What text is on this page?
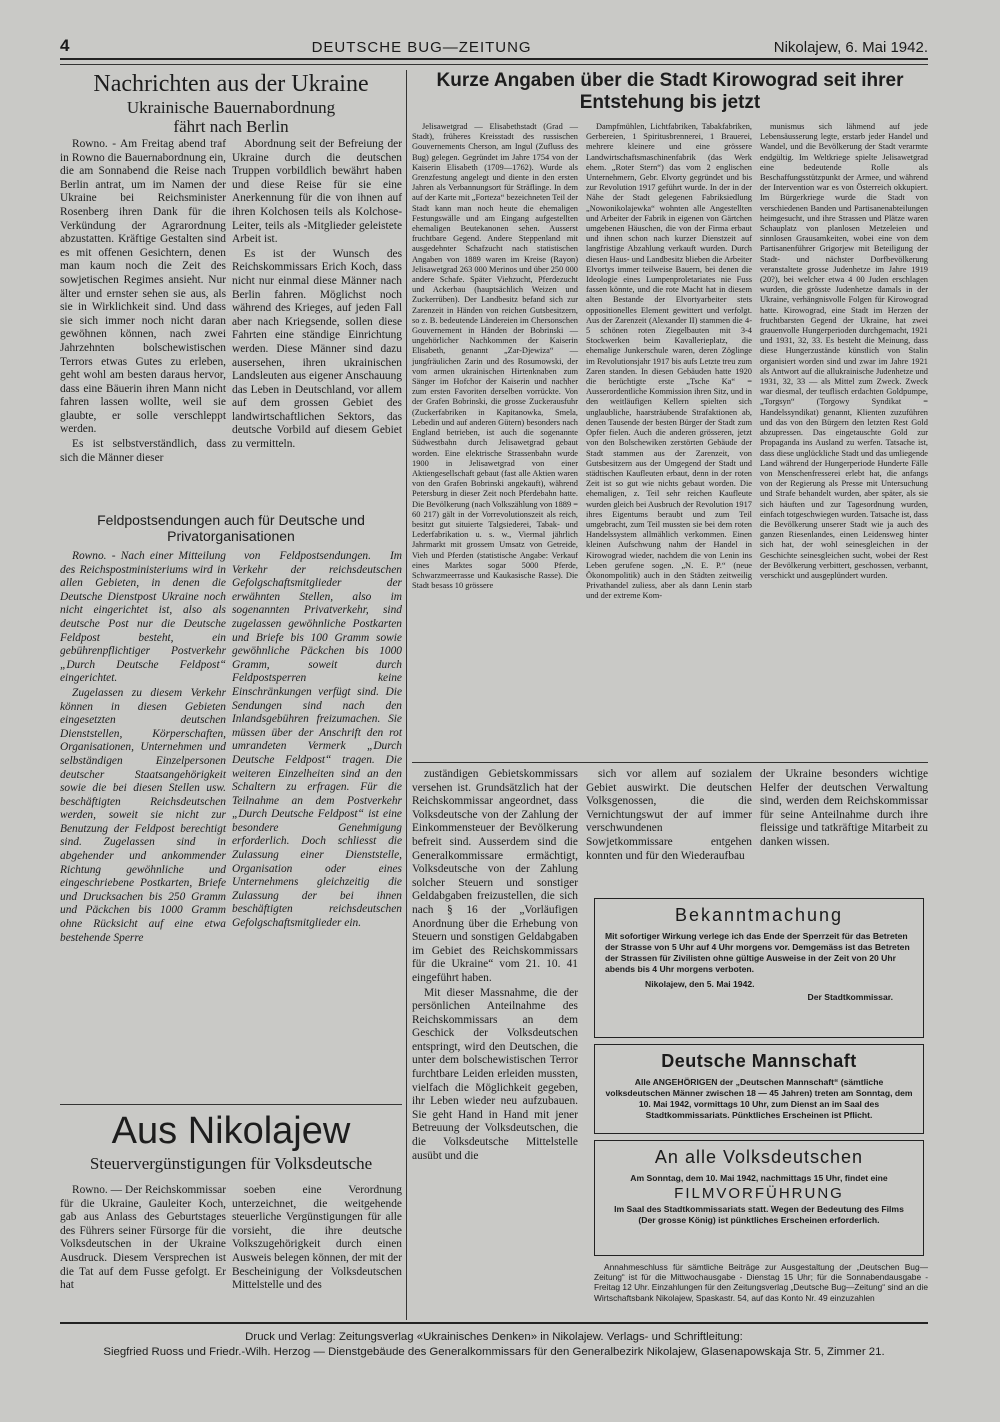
4	DEUTSCHE BUG—ZEITUNG	Nikolajew, 6. Mai 1942.
Nachrichten aus der Ukraine
Ukrainische Bauernabordnung fährt nach Berlin

Rowno. - Am Freitag abend traf in Rowno die Bauernabordnung ein, die am Sonnabend die Reise nach Berlin antrat, um im Namen der Ukraine bei Reichsminister Rosenberg ihren Dank für die Verkündung der Agrarordnung abzustatten. Kräftige Gestalten sind es mit offenen Gesichtern, denen man kaum noch die Zeit des sowjetischen Regimes ansieht. Nur älter und ernster sehen sie aus, als sie in Wirklichkeit sind. Und dass sie sich immer noch nicht daran gewöhnen können, nach zwei Jahrzehnten bolschewistischen Terrors etwas Gutes zu erleben, geht wohl am besten daraus hervor, dass eine Bäuerin ihren Mann nicht fahren lassen wollte, weil sie glaubte, er solle verschleppt werden.

Es ist selbstverständlich, dass sich die Männer dieser

Abordnung seit der Befreiung der Ukraine durch die deutschen Truppen vorbildlich bewährt haben und diese Reise für sie eine Anerkennung für die von ihnen auf ihren Kolchosen teils als Kolchose-Leiter, teils als -Mitglieder geleistete Arbeit ist.

Es ist der Wunsch des Reichskommissars Erich Koch, dass nicht nur einmal diese Männer nach Berlin fahren. Möglichst noch während des Krieges, auf jeden Fall aber nach Kriegsende, sollen diese Fahrten eine ständige Einrichtung werden. Diese Männer sind dazu ausersehen, ihren ukrainischen Landsleuten aus eigener Anschauung das Leben in Deutschland, vor allem auf dem grossen Gebiet des landwirtschaftlichen Sektors, das deutsche Vorbild auf diesem Gebiet zu vermitteln.

Feldpostsendungen auch für Deutsche und Privatorganisationen

Rowno. - Nach einer Mitteilung des Reichspostministeriums wird in allen Gebieten, in denen die Deutsche Dienstpost Ukraine noch nicht eingerichtet ist, also als deutsche Post nur die Deutsche Feldpost besteht, ein gebührenpflichtiger Postverkehr „Durch Deutsche Feldpost“ eingerichtet.

Zugelassen zu diesem Verkehr können in diesen Gebieten eingesetzten deutschen Dienststellen, Körperschaften, Organisationen, Unternehmen und selbständigen Einzelpersonen deutscher Staatsangehörigkeit sowie die bei diesen Stellen usw. beschäftigten Reichsdeutschen werden, soweit sie nicht zur Benutzung der Feldpost berechtigt sind. Zugelassen sind in abgehender und ankommender Richtung gewöhnliche und eingeschriebene Postkarten, Briefe und Drucksachen bis 250 Gramm und Päckchen bis 1000 Gramm ohne Rücksicht auf eine etwa bestehende Sperre

von Feldpostsendungen. Im Verkehr der reichsdeutschen Gefolgschaftsmitglieder der erwähnten Stellen, also im sogenannten Privatverkehr, sind zugelassen gewöhnliche Postkarten und Briefe bis 100 Gramm sowie gewöhnliche Päckchen bis 1000 Gramm, soweit durch Feldpostsperren keine Einschränkungen verfügt sind. Die Sendungen sind nach den Inlandsgebühren freizumachen. Sie müssen über der Anschrift den rot umrandeten Vermerk „Durch Deutsche Feldpost“ tragen. Die weiteren Einzelheiten sind an den Schaltern zu erfragen. Für die Teilnahme an dem Postverkehr „Durch Deutsche Feldpost“ ist eine besondere Genehmigung erforderlich. Doch schliesst die Zulassung einer Dienststelle, Organisation oder eines Unternehmens gleichzeitig die Zulassung der bei ihnen beschäftigten reichsdeutschen Gefolgschaftsmitglieder ein.

Aus Nikolajew
Steuervergünstigungen für Volksdeutsche

Rowno. — Der Reichskommissar für die Ukraine, Gauleiter Koch, gab aus Anlass des Geburtstages des Führers seiner Fürsorge für die Volksdeutschen in der Ukraine Ausdruck. Diesem Versprechen ist die Tat auf dem Fusse gefolgt. Er hat

soeben eine Verordnung unterzeichnet, die weitgehende steuerliche Vergünstigungen für alle vorsieht, die ihre deutsche Volkszugehörigkeit durch einen Ausweis belegen können, der mit der Bescheinigung der Volksdeutschen Mittelstelle und des

Kurze Angaben über die Stadt Kirowograd seit ihrer Entstehung bis jetzt

Jelisawetgrad — Elisabethstadt (Grad — Stadt), früheres Kreisstadt des russischen Gouvernements Cherson, am Ingul (Zufluss des Bug) gelegen. Gegründet im Jahre 1754 von der Kaiserin Elisabeth (1709—1762). Wurde als Grenzfestung angelegt und diente in den ersten Jahren als Verbannungsort für Sträflinge. In dem auf der Karte mit „Forteza“ bezeichneten Teil der Stadt kann man noch heute die ehemaligen Festungswälle und am Eingang aufgestellten ehemaligen Beutekanonen sehen. Ausserst fruchtbare Gegend. Andere Steppenland mit ausgedehnter Schafzucht nach statistischen Angaben von 1889 waren im Kreise (Rayon) Jelisawetgrad 263 000 Merinos und über 250 000 andere Schafe. Später Viehzucht, Pferdezucht und Ackerbau (hauptsächlich Weizen und Zuckerrüben). Der Landbesitz befand sich zur Zarenzeit in Händen von reichen Gutsbesitzern, so z. B. bedeutende Ländereien im Chersonschen Gouvernement in Händen der Bobrinski — ungehörlicher Nachkommen der Kaiserin Elisabeth, genannt „Zar-Djewiza“ — jungfräulichen Zarin und des Rosumowski, der vom armen ukrainischen Hirtenknaben zum Sänger im Hofchor der Kaiserin und nachher zum ersten Favoriten derselben vorrückte. Von der Grafen Bobrinski, die grosse Zuckerausfuhr (Zuckerfabriken in Kapitanowka, Smela, Lebedin und auf anderen Gütern) besonders nach England betrieben, ist auch die sogenannte Südwestbahn durch Jelisawetgrad gebaut worden. Eine elektrische Strassenbahn wurde 1900 in Jelisawetgrad von einer Aktiengesellschaft gebaut (fast alle Aktien waren von den Grafen Bobrinski angekauft), während Petersburg in dieser Zeit noch Pferdebahn hatte. Die Bevölkerung (nach Volkszählung von 1889 = 60 217) gält in der Vorrevolutionszeit als reich, besitzt gut situierte Talgsiederei, Tabak- und Lederfabrikation u. s. w., Viermal jährlich Jahrmarkt mit grossem Umsatz von Getreide, Vieh und Pferden (statistische Angabe: Verkauf eines Marktes sogar 5000 Pferde, Schwarzmeerrasse und Kaukasische Rasse). Die Stadt besass 10 grössere

Dampfmühlen, Lichtfabriken, Tabakfabriken, Gerbereien, 1 Spiritusbrennerei, 1 Brauerei, mehrere kleinere und eine grössere Landwirtschaftsmaschinenfabrik (das Werk ehem. „Roter Stern“) das vom 2 englischen Unternehmern, Gebr. Elvorty gegründet und bis zur Revolution 1917 geführt wurde. In der in der Nähe der Stadt gelegenen Fabriksiedlung „Nowonikolajewka“ wohnten alle Angestellten und Arbeiter der Fabrik in eigenen von Gärtchen umgebenen Häuschen, die von der Firma erbaut und ihnen schon nach kurzer Dienstzeit auf langfristige Abzahlung verkauft wurden. Durch diesen Haus- und Landbesitz blieben die Arbeiter Elvortys immer teilweise Bauern, bei denen die Ideologie eines Lumpenproletariates nie Fuss fassen könnte, und die rote Macht hat in diesem alten Bestande der Elvortyarbeiter stets oppositionelles Element gewittert und verfolgt. Aus der Zarenzeit (Alexander II) stammen die 4-5 schönen roten Ziegelbauten mit 3-4 Stockwerken beim Kavallerieplatz, die ehemalige Junkerschule waren, deren Zöglinge im Revolutionsjahr 1917 bis aufs Letzte treu zum Zaren standen. In diesen Gebäuden hatte 1920 die berüchtigte erste „Tsche Ka“ = Ausserordentliche Kommission ihren Sitz, und in den weitläufigen Kellern spielten sich unglaubliche, haarsträubende Strafaktionen ab, denen Tausende der besten Bürger der Stadt zum Opfer fielen. Auch die anderen grösseren, jetzt von den Bolschewiken zerstörten Gebäude der Stadt stammen aus der Zarenzeit, von Gutsbesitzern aus der Umgegend der Stadt und städtischen Kaufleuten erbaut, denn in der roten Zeit ist so gut wie nichts gebaut worden. Die ehemaligen, z. Teil sehr reichen Kaufleute wurden gleich bei Ausbruch der Revolution 1917 ihres Eigentums beraubt und zum Teil umgebracht, zum Teil mussten sie bei dem roten Handelssystem allmählich verkommen. Einen kleinen Aufschwung nahm der Handel in Kirowograd wieder, nachdem die von Lenin ins Leben gerufene sogen. „N. E. P.“ (neue Ökonompolitik) auch in den Städten zeitweilig Privathandel zuliess, aber als dann Lenin starb und der extreme Kom-

munismus sich lähmend auf jede Lebensäusserung legte, erstarb jeder Handel und Wandel, und die Bevölkerung der Stadt verarmte endgültig. Im Weltkriege spielte Jelisawetgrad eine bedeutende Rolle als Beschaffungsstützpunkt der Armee, und während der Intervention war es von Österreich okkupiert. Im Bürgerkriege wurde die Stadt von verschiedenen Banden und Partisanenabteilungen heimgesucht, und ihre Strassen und Plätze waren Schauplatz von planlosen Metzeleien und sinnlosen Grausamkeiten, wobei eine von dem Partisanenführer Grigorjew mit Beteiligung der Stadt- und nächster Dorfbevölkerung veranstaltete grosse Judenhetze im Jahre 1919 (20?), bei welcher etwa 4 00 Juden erschlagen wurden, die grösste Judenhetze damals in der Ukraine, verhängnisvolle Folgen für Kirowograd hatte. Kirowograd, eine Stadt im Herzen der fruchtbarsten Gegend der Ukraine, hat zwei grauenvolle Hungerperioden durchgemacht, 1921 und 1931, 32, 33. Es besteht die Meinung, dass diese Hungerzustände künstlich von Stalin organisiert worden sind und zwar im Jahre 1921 als Antwort auf die allukrainische Judenhetze und 1931, 32, 33 — als Mittel zum Zweck. Zweck war diesmal, der teuflisch erdachten Goldpumpe, „Torgsyn“ (Torgowy Syndikat = Handelssyndikat) genannt, Klienten zuzuführen und das von den Bürgern den letzten Rest Gold abzupressen. Das eingetauschte Gold zur Propaganda ins Ausland zu werfen. Tatsache ist, dass diese unglückliche Stadt und das umliegende Land während der Hungerperiode Hunderte Fälle von Menschenfresserei erlebt hat, die anfangs von der Regierung als Presse mit Untersuchung und Strafe behandelt wurden, aber später, als sie sich häuften und zur Tagesordnung wurden, einfach totgeschwiegen wurden. Tatsache ist, dass die Bevölkerung unserer Stadt wie ja auch des ganzen Riesenlandes, einen Leidensweg hinter sich hat, der wohl seinesgleichen in der Geschichte seinesgleichen sucht, wobei der Rest der Bevölkerung verbittert, geschossen, verbannt, verschickt und ausgeplündert wurden.

zuständigen Gebietskommissars versehen ist. Grundsätzlich hat der Reichskommissar angeordnet, dass Volksdeutsche von der Zahlung der Einkommensteuer der Bevölkerung befreit sind. Ausserdem sind die Generalkommissare ermächtigt, Volksdeutsche von der Zahlung solcher Steuern und sonstiger Geldabgaben freizustellen, die sich nach § 16 der „Vorläufigen Anordnung über die Erhebung von Steuern und sonstigen Geldabgaben im Gebiet des Reichskommissars für die Ukraine“ vom 21. 10. 41 eingeführt haben.

Mit dieser Massnahme, die der persönlichen Anteilnahme des Reichskommissars an dem Geschick der Volksdeutschen entspringt, wird den Deutschen, die unter dem bolschewistischen Terror furchtbare Leiden erleiden mussten, vielfach die Möglichkeit gegeben, ihr Leben wieder neu aufzubauen. Sie geht Hand in Hand mit jener Betreuung der Volksdeutschen, die die Volksdeutsche Mittelstelle ausübt und die

sich vor allem auf sozialem Gebiet auswirkt. Die deutschen Volksgenossen, die die Vernichtungswut der auf immer verschwundenen Sowjetkommissare entgehen konnten und für den Wiederaufbau

der Ukraine besonders wichtige Helfer der deutschen Verwaltung sind, werden dem Reichskommissar für seine Anteilnahme durch ihre fleissige und tatkräftige Mitarbeit zu danken wissen.

Bekanntmachung
Mit sofortiger Wirkung verlege ich das Ende der Sperrzeit für das Betreten der Strasse von 5 Uhr auf 4 Uhr morgens vor. Demgemäss ist das Betreten der Strassen für Zivilisten ohne gültige Ausweise in der Zeit von 20 Uhr abends bis 4 Uhr morgens verboten.
Nikolajew, den 5. Mai 1942.
Der Stadtkommissar.
Deutsche Mannschaft
Alle ANGEHÖRIGEN der „Deutschen Mannschaft“ (sämtliche volksdeutschen Männer zwischen 18 — 45 Jahren) treten am Sonntag, dem 10. Mai 1942, vormittags 10 Uhr, zum Dienst an im Saal des Stadtkommissariats. Pünktliches Erscheinen ist Pflicht.
An alle Volksdeutschen
Am Sonntag, dem 10. Mai 1942, nachmittags 15 Uhr, findet eine
FILMVORFÜHRUNG
Im Saal des Stadtkommissariats statt. Wegen der Bedeutung des Films (Der grosse König) ist pünktliches Erscheinen erforderlich.

Annahmeschluss für sämtliche Beiträge zur Ausgestaltung der „Deutschen Bug—Zeitung“ ist für die Mittwochausgabe - Dienstag 15 Uhr; für die Sonnabendausgabe - Freitag 12 Uhr. Einzahlungen für den Zeitungsverlag „Deutsche Bug—Zeitung“ sind an die Wirtschaftsbank Nikolajew, Spaskastr. 54, auf das Konto Nr. 49 einzuzahlen

Druck und Verlag: Zeitungsverlag «Ukrainisches Denken» in Nikolajew. Verlags- und Schriftleitung:
Siegfried Ruoss und Friedr.-Wilh. Herzog — Dienstgebäude des Generalkommissars für den Generalbezirk Nikolajew, Glasenapowskaja Str. 5, Zimmer 21.
